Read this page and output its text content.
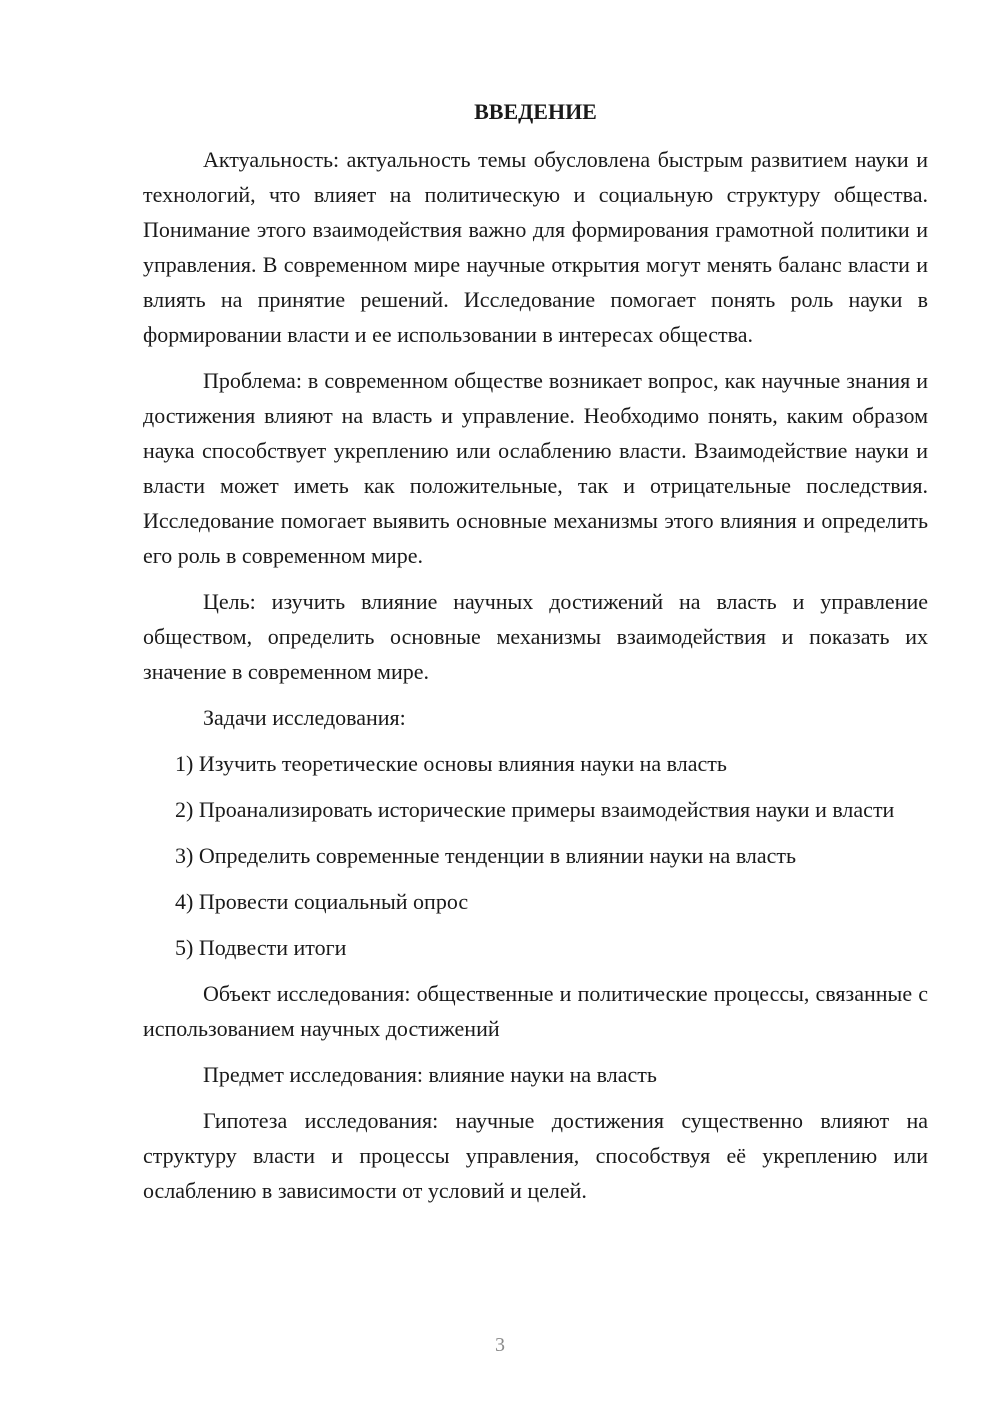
ВВЕДЕНИЕ

Актуальность: актуальность темы обусловлена быстрым развитием науки и технологий, что влияет на политическую и социальную структуру общества. Понимание этого взаимодействия важно для формирования грамотной политики и управления. В современном мире научные открытия могут менять баланс власти и влиять на принятие решений. Исследование помогает понять роль науки в формировании власти и ее использовании в интересах общества.

Проблема: в современном обществе возникает вопрос, как научные знания и достижения влияют на власть и управление. Необходимо понять, каким образом наука способствует укреплению или ослаблению власти. Взаимодействие науки и власти может иметь как положительные, так и отрицательные последствия. Исследование помогает выявить основные механизмы этого влияния и определить его роль в современном мире.

Цель: изучить влияние научных достижений на власть и управление обществом, определить основные механизмы взаимодействия и показать их значение в современном мире.

Задачи исследования:

1) Изучить теоретические основы влияния науки на власть

2) Проанализировать исторические примеры взаимодействия науки и власти

3) Определить современные тенденции в влиянии науки на власть

4) Провести социальный опрос

5) Подвести итоги

Объект исследования: общественные и политические процессы, связанные с использованием научных достижений

Предмет исследования: влияние науки на власть

Гипотеза исследования: научные достижения существенно влияют на структуру власти и процессы управления, способствуя её укреплению или ослаблению в зависимости от условий и целей.

3
